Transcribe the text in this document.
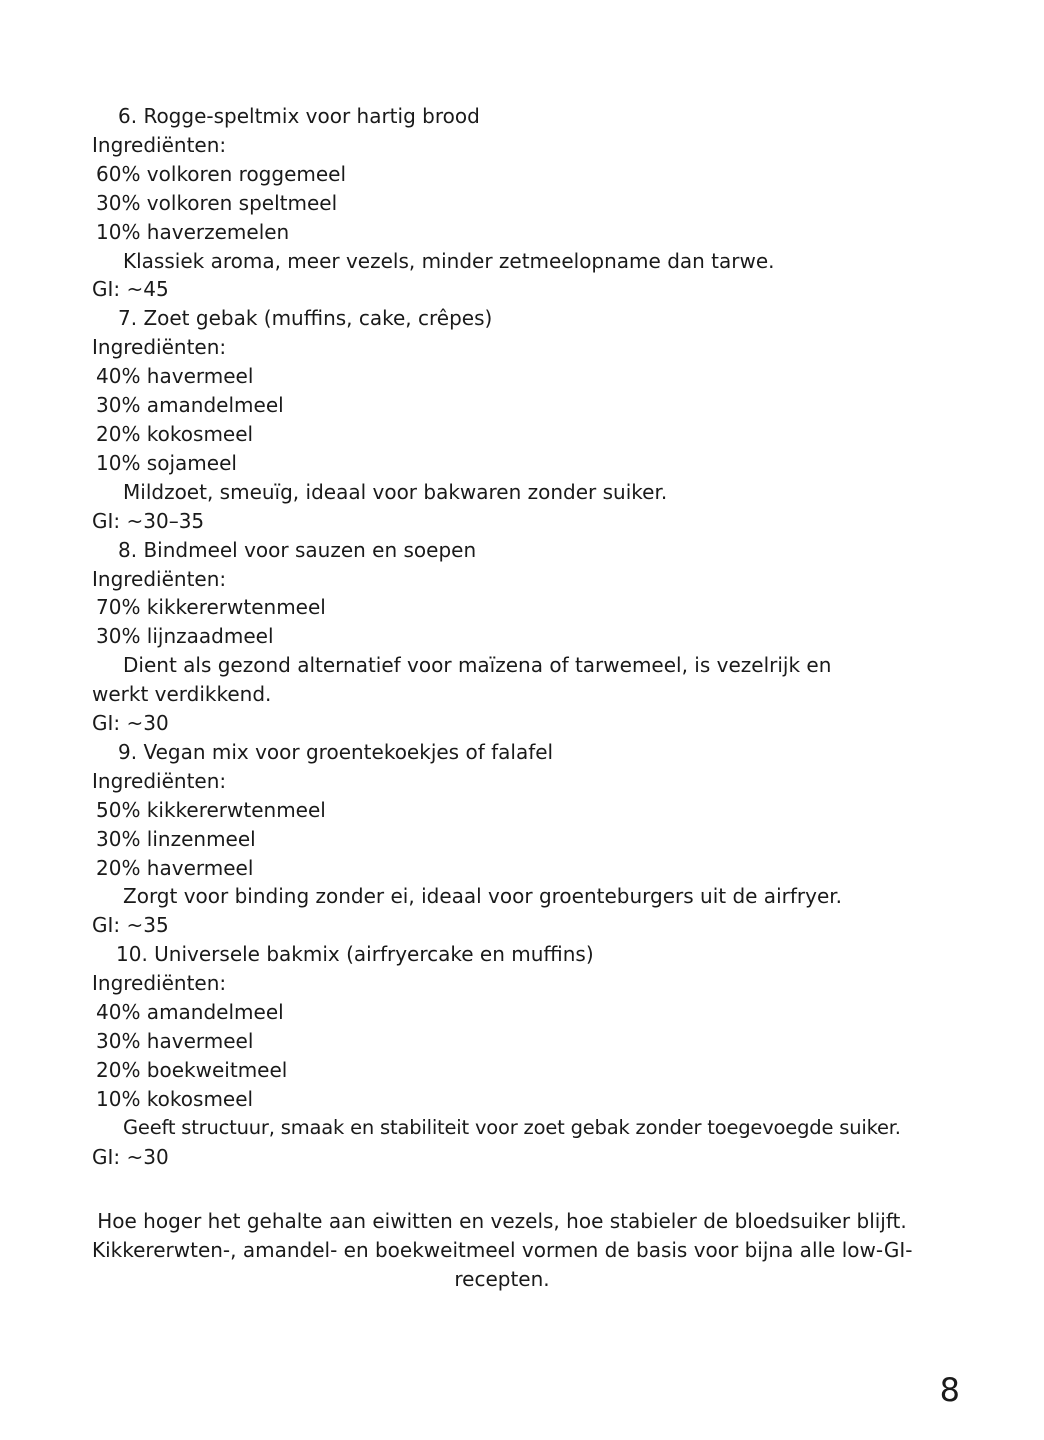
6. Rogge-speltmix voor hartig brood
Ingrediënten:
60% volkoren roggemeel
30% volkoren speltmeel
10% haverzemelen
Klassiek aroma, meer vezels, minder zetmeelopname dan tarwe.
GI: ~45
7. Zoet gebak (muffins, cake, crêpes)
Ingrediënten:
40% havermeel
30% amandelmeel
20% kokosmeel
10% sojameel
Mildzoet, smeuïg, ideaal voor bakwaren zonder suiker.
GI: ~30–35
8. Bindmeel voor sauzen en soepen
Ingrediënten:
70% kikkererwtenmeel
30% lijnzaadmeel
Dient als gezond alternatief voor maïzena of tarwemeel, is vezelrijk en werkt verdikkend.
GI: ~30
9. Vegan mix voor groentekoekjes of falafel
Ingrediënten:
50% kikkererwtenmeel
30% linzenmeel
20% havermeel
Zorgt voor binding zonder ei, ideaal voor groenteburgers uit de airfryer.
GI: ~35
10. Universele bakmix (airfryercake en muffins)
Ingrediënten:
40% amandelmeel
30% havermeel
20% boekweitmeel
10% kokosmeel
Geeft structuur, smaak en stabiliteit voor zoet gebak zonder toegevoegde suiker.
GI: ~30
Hoe hoger het gehalte aan eiwitten en vezels, hoe stabieler de bloedsuiker blijft.
Kikkererwten-, amandel- en boekweitmeel vormen de basis voor bijna alle low-GI-
recepten.
8
